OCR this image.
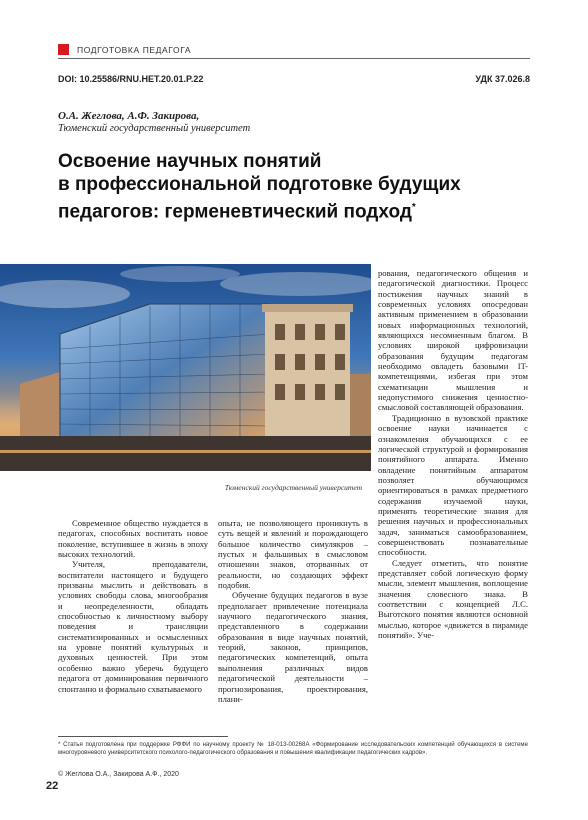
ПОДГОТОВКА ПЕДАГОГА
DOI: 10.25586/RNU.HET.20.01.P.22	УДК 37.026.8
О.А. Жеглова, А.Ф. Закирова,
Тюменский государственный университет
Освоение научных понятий
в профессиональной подготовке будущих
педагогов: герменевтический подход*
Тюменский государственный университет

Современное общество нуждается в педагогах, способных воспитать новое поколение, вступившее в жизнь в эпоху высоких технологий.

Учителя, преподаватели, воспитатели настоящего и будущего призваны мыслить и действовать в условиях свободы слова, многообразия и неопределенности, обладать способностью к личностному выбору поведения и трансляции систематизированных и осмысленных на уровне понятий культурных и духовных ценностей. При этом особенно важно уберечь будущего педагога от доминирования первичного спонтанно и формально схватываемого

опыта, не позволяющего проникнуть в суть вещей и явлений и порождающего большое количество симулякров – пустых и фальшивых в смысловом отношении знаков, оторванных от реальности, но создающих эффект подобия.

Обучение будущих педагогов в вузе предполагает привлечение потенциала научного педагогического знания, представленного в содержании образования в виде научных понятий, теорий, законов, принципов, педагогических компетенций, опыта выполнения различных видов педагогической деятельности – прогнозирования, проектирования, плани-

рования, педагогического общения и педагогической диагностики. Процесс постижения научных знаний в современных условиях опосредован активным применением в образовании новых информационных технологий, являющихся несомненным благом. В условиях широкой цифровизации образования будущим педагогам необходимо овладеть базовыми IT-компетенциями, избегая при этом схематизации мышления и недопустимого снижения ценностно-смысловой составляющей образования.

Традиционно в вузовской практике освоение науки начинается с ознакомления обучающихся с ее логической структурой и формирования понятийного аппарата. Именно овладение понятийным аппаратом позволяет обучающимся ориентироваться в рамках предметного содержания изучаемой науки, применять теоретические знания для решения научных и профессиональных задач, заниматься самообразованием, совершенствовать познавательные способности.

Следует отметить, что понятие представляет собой логическую форму мысли, элемент мышления, воплощение значения словесного знака. В соответствии с концепцией Л.С. Выготского понятия являются основной мыслью, которое «движется в пирамиде понятий». Уче-

* Статья подготовлена при поддержке РФФИ по научному проекту № 18-013-00268А «Формирование исследовательских компетенций обучающихся в системе многоуровневого университетского психолого-педагогического образования и повышения квалификации педагогических кадров».
© Жеглова О.А., Закирова А.Ф., 2020
22
